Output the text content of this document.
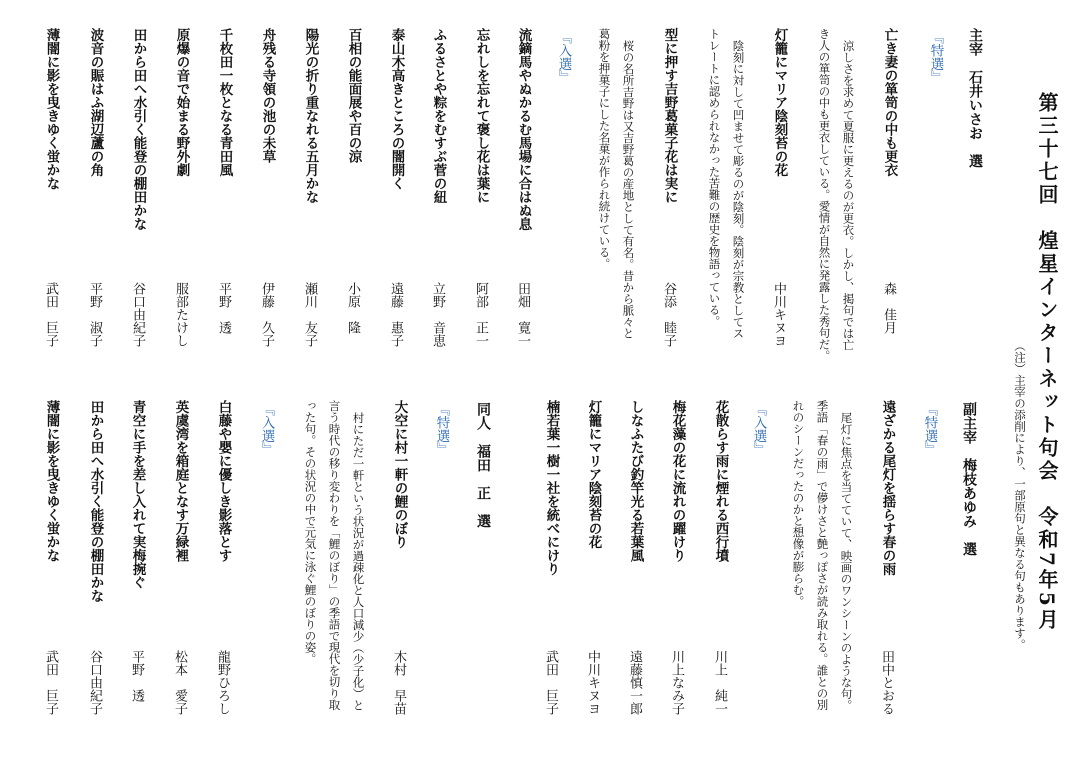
第三十七回　煌星インターネット句会　令和7年5月
（注）主宰の添削により、一部原句と異なる句もあります。
主宰　石井いさお　選
『特選』
亡き妻の箪笥の中も更衣
森　佳月
涼しさを求めて夏服に更えるのが更衣。しかし、掲句では亡
き人の箪笥の中も更衣している。愛情が自然に発露した秀句だ。
灯籠にマリア陰刻苔の花
中川キヌヨ
陰刻に対して凹ませて彫るのが陰刻。陰刻が宗教としてス
トレートに認められなかった苦難の歴史を物語っている。
型に押す吉野葛菓子花は実に
谷添　睦子
桜の名所吉野は又吉野葛の産地として有名。昔から脈々と
葛粉を押菓子にした名菓が作られ続けている。
『入選』
流鏑馬やぬかるむ馬場に合はぬ息
田畑　寛一
忘れしを忘れて褒し花は葉に
阿部　正一
ふるさとや粽をむすぶ菅の紐
立野　音恵
泰山木高きところの闇開く
遠藤　惠子
百相の能面展や百の涼
小原　隆
陽光の折り重なれる五月かな
瀬川　友子
舟残る寺領の池の未草
伊藤　久子
千枚田一枚となる青田風
平野　透
原爆の音で始まる野外劇
服部たけし
田から田へ水引く能登の棚田かな
谷口由紀子
波音の賑はふ湖辺蘆の角
平野　淑子
薄闇に影を曳きゆく蛍かな
武田　巨子
副主宰　梅枝あゆみ　選
『特選』
遠ざかる尾灯を揺らす春の雨
田中とおる
尾灯に焦点を当てていて、映画のワンシーンのような句。
季語「春の雨」で儚けさと艶っぽさが読み取れる。誰との別
れのシーンだったのかと想像が膨らむ。
『入選』
花散らす雨に煙れる西行墳
川上　純一
梅花藻の花に流れの躍けり
川上なみ子
しなふたび釣竿光る若葉風
遠藤慎一郎
灯籠にマリア陰刻苔の花
中川キヌヨ
楠若葉一樹一社を統べにけり
武田　巨子
同人　福田　正　選
『特選』
大空に村一軒の鯉のぼり
木村　早苗
村にただ一軒という状況が過疎化と人口減少（少子化）と
言う時代の移り変わりを「鯉のぼり」の季語で現代を切り取
った句。その状況の中で元気に泳ぐ鯉のぼりの姿。
『入選』
白藤や嬰に優しき影落とす
龍野ひろし
英虞湾を箱庭となす万緑裡
松本　愛子
青空に手を差し入れて実梅捥ぐ
平野　透
田から田へ水引く能登の棚田かな
谷口由紀子
薄闇に影を曳きゆく蛍かな
武田　巨子
